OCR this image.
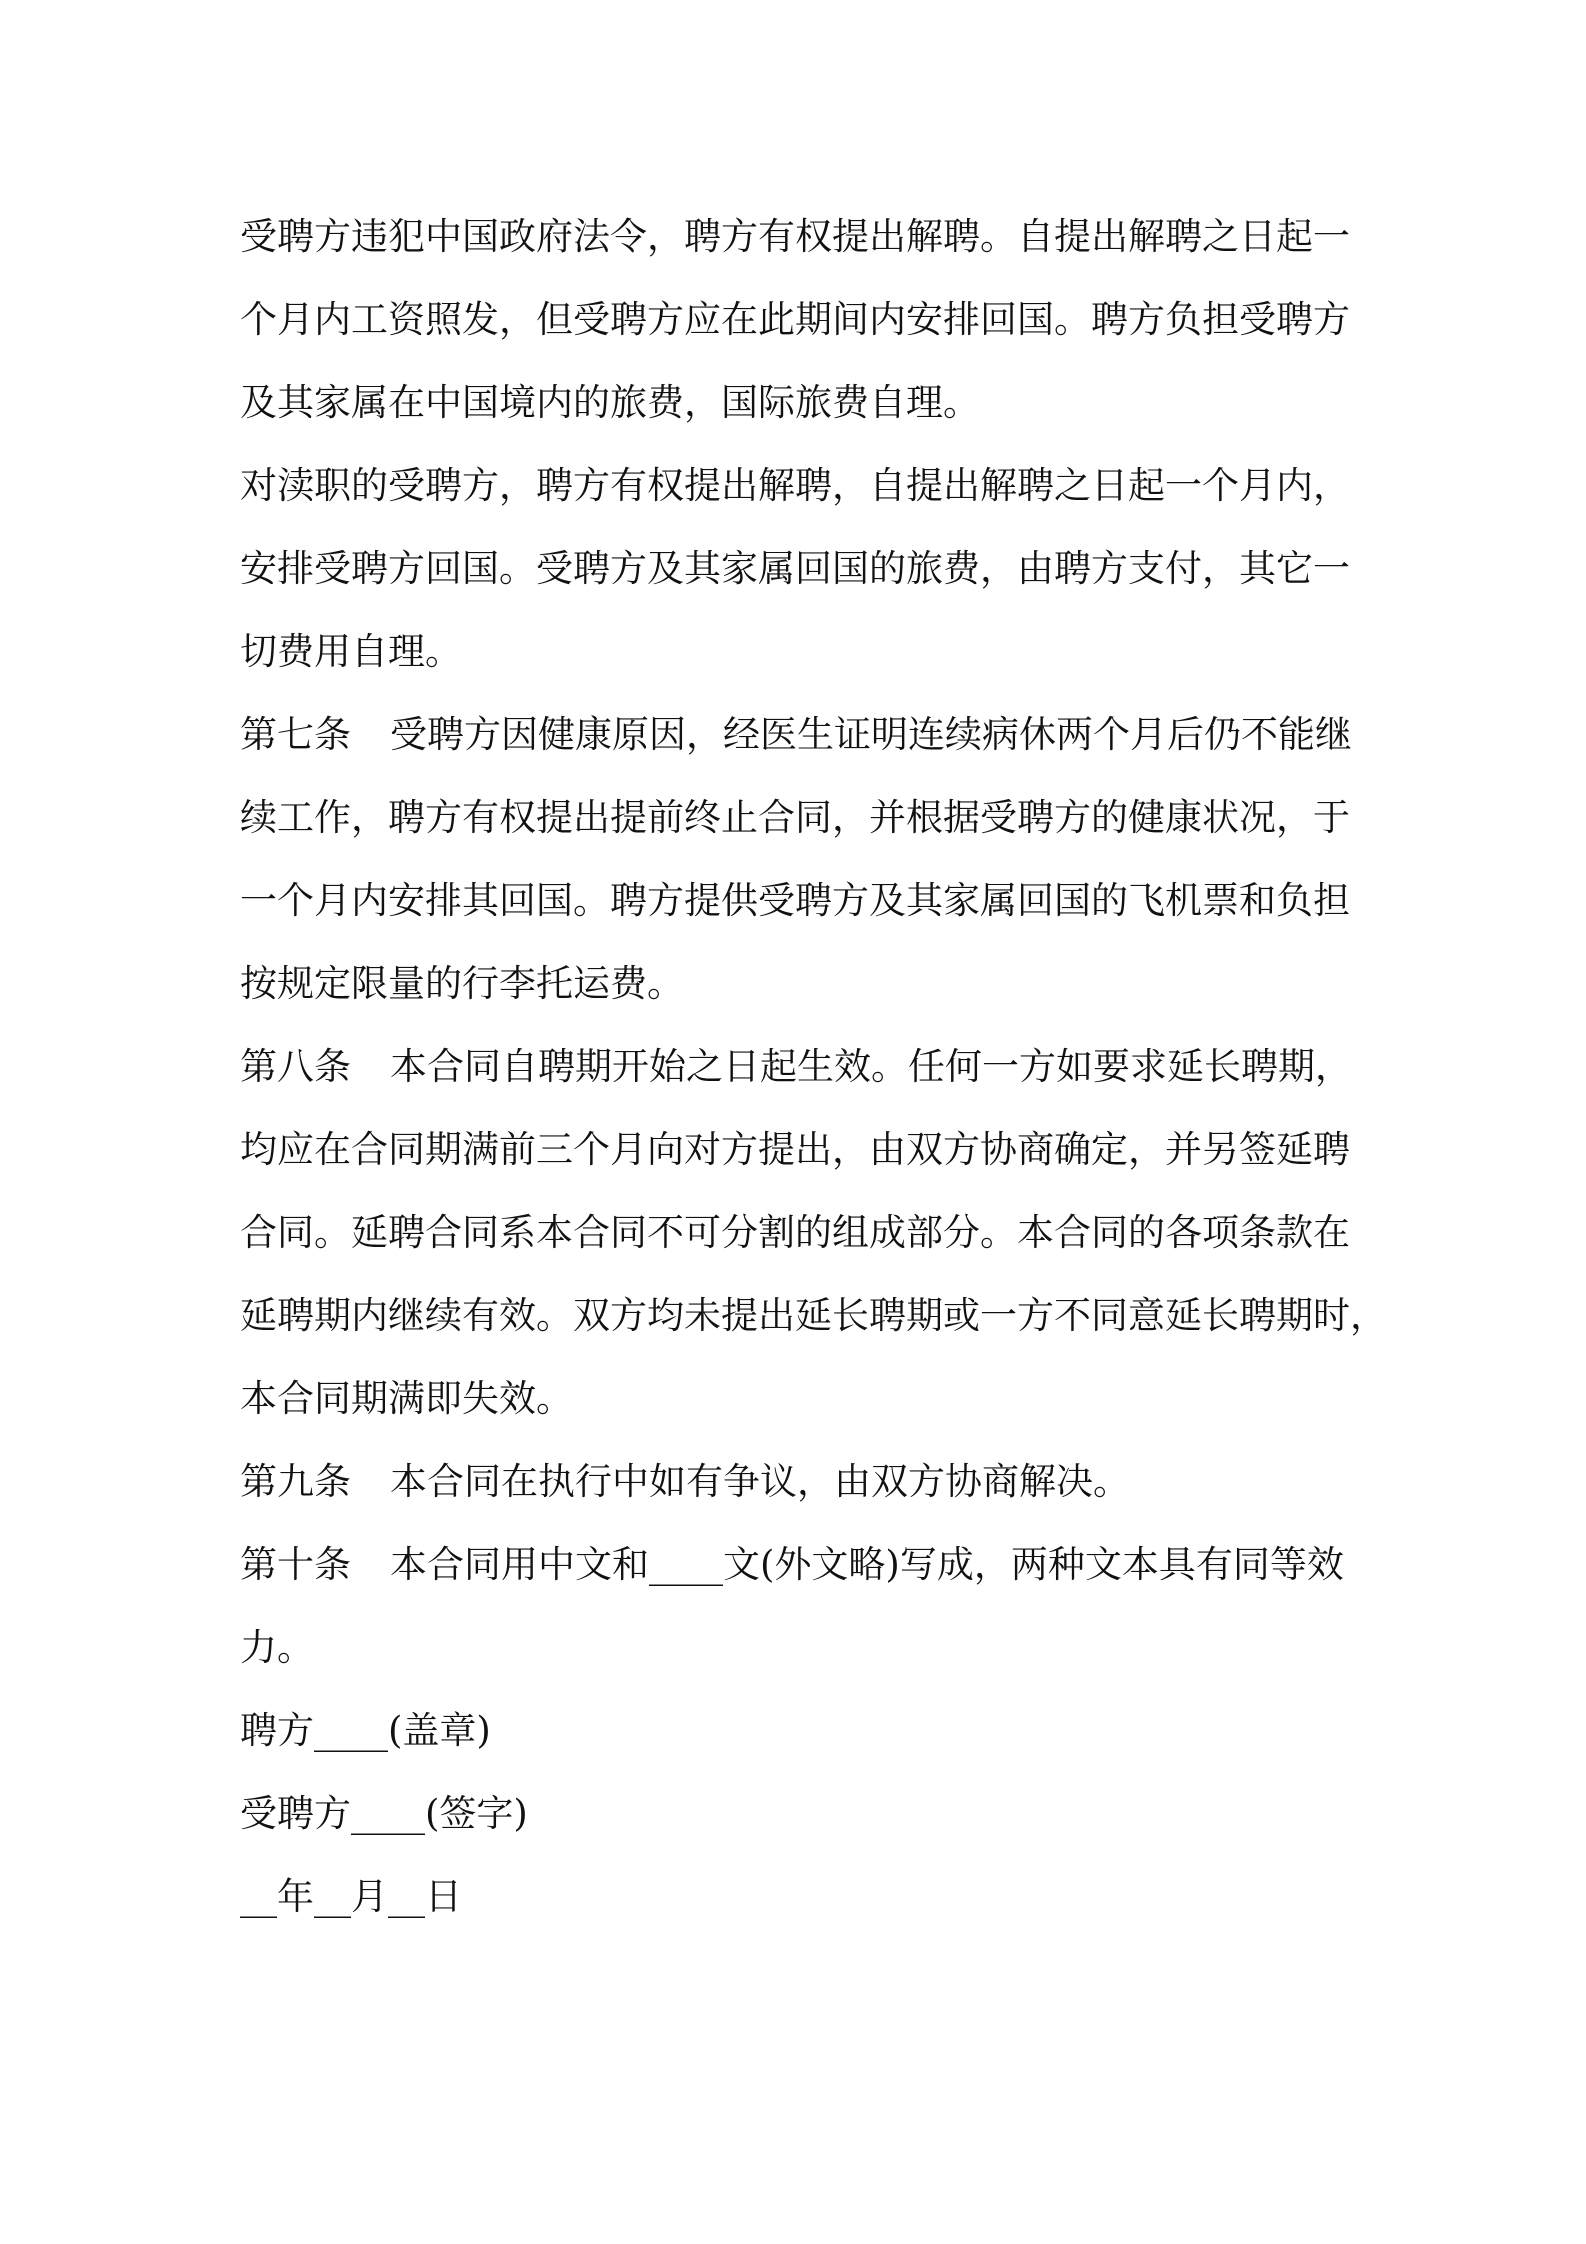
受聘方违犯中国政府法令，聘方有权提出解聘。自提出解聘之日起一
个月内工资照发，但受聘方应在此期间内安排回国。聘方负担受聘方
及其家属在中国境内的旅费，国际旅费自理。
对渎职的受聘方，聘方有权提出解聘，自提出解聘之日起一个月内，
安排受聘方回国。受聘方及其家属回国的旅费，由聘方支付，其它一
切费用自理。
第七条 受聘方因健康原因，经医生证明连续病休两个月后仍不能继
续工作，聘方有权提出提前终止合同，并根据受聘方的健康状况，于
一个月内安排其回国。聘方提供受聘方及其家属回国的飞机票和负担
按规定限量的行李托运费。
第八条 本合同自聘期开始之日起生效。任何一方如要求延长聘期，
均应在合同期满前三个月向对方提出，由双方协商确定，并另签延聘
合同。延聘合同系本合同不可分割的组成部分。本合同的各项条款在
延聘期内继续有效。双方均未提出延长聘期或一方不同意延长聘期时，
本合同期满即失效。
第九条 本合同在执行中如有争议，由双方协商解决。
第十条 本合同用中文和____文(外文略)写成，两种文本具有同等效
力。
聘方____(盖章)
受聘方____(签字)
__年__月__日
